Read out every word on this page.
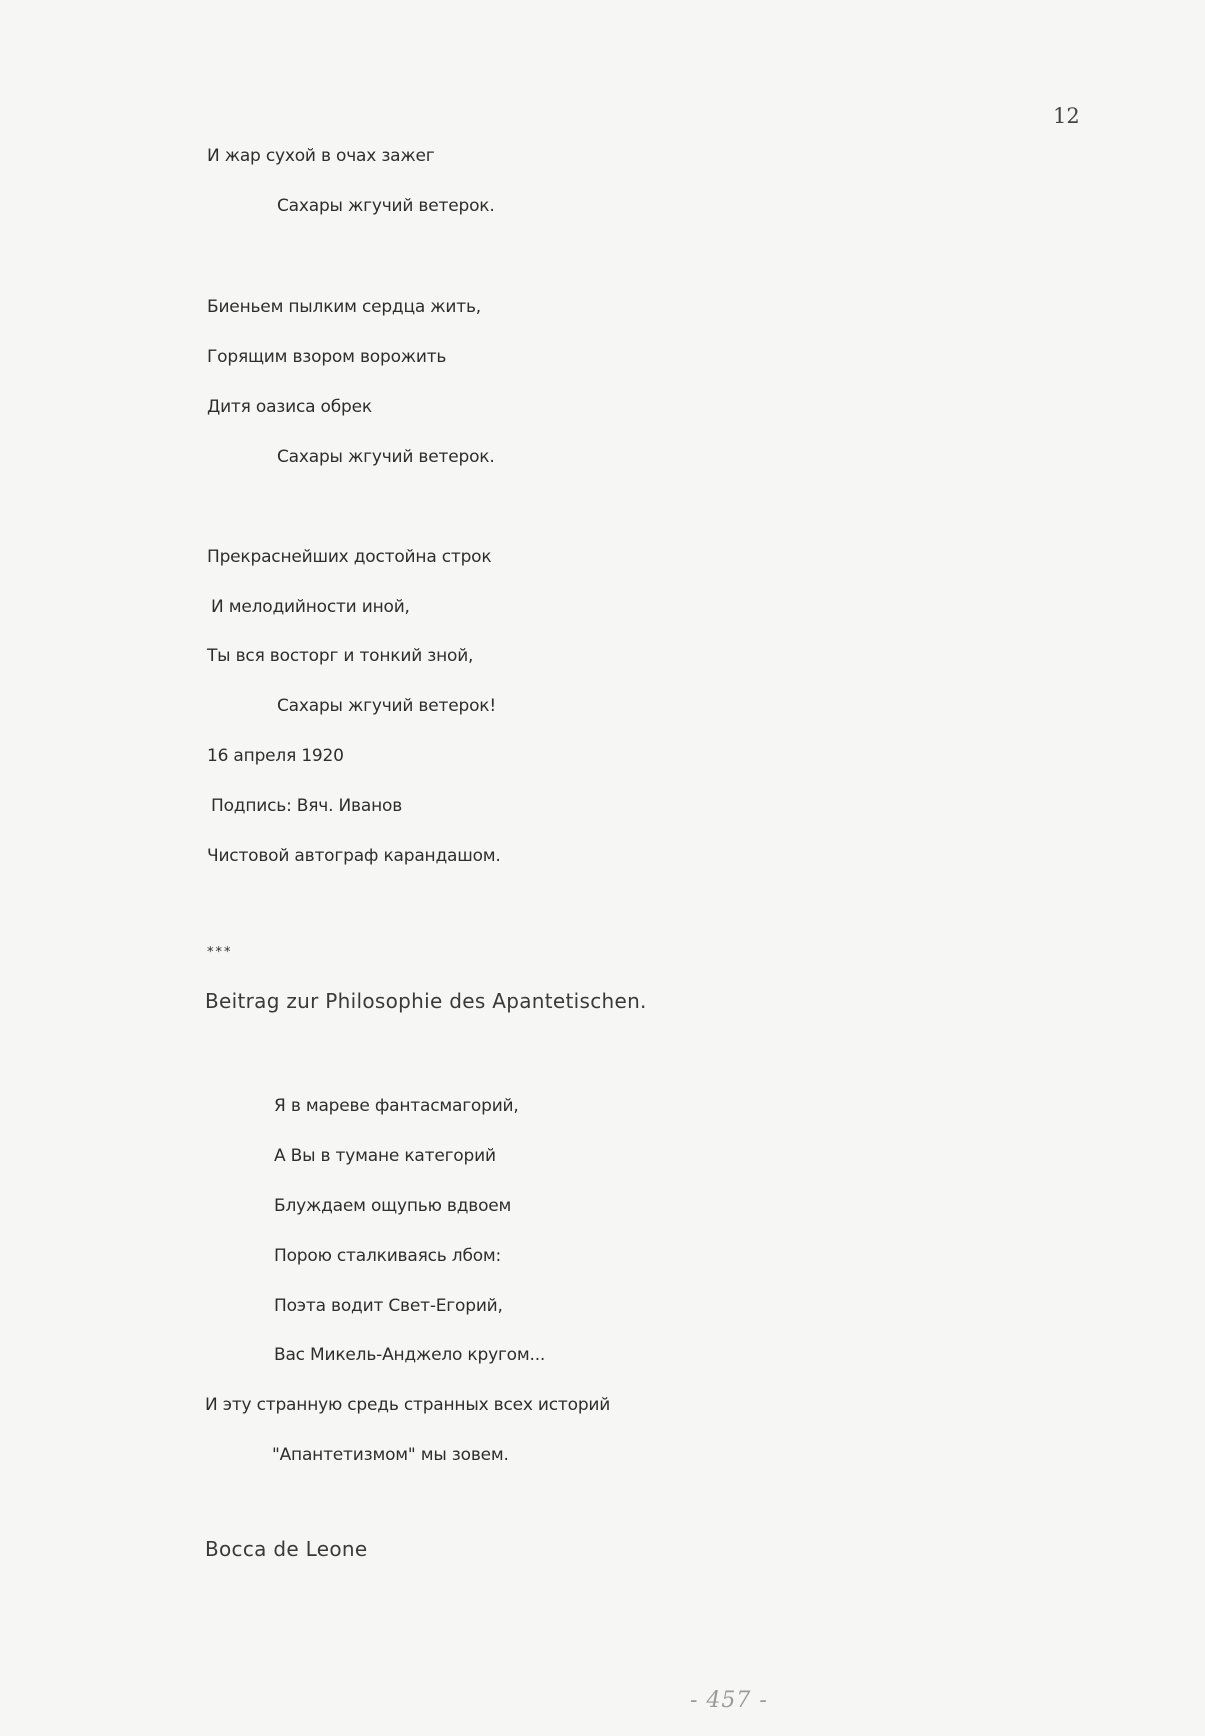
12
И жар сухой в очах зажег
Сахары жгучий ветерок.
Биеньем пылким сердца жить,
Горящим взором ворожить
Дитя оазиса обрек
Сахары жгучий ветерок.
Прекраснейших достойна строк
И мелодийности иной,
Ты вся восторг и тонкий зной,
Сахары жгучий ветерок!
16 апреля 1920
Подпись: Вяч. Иванов
Чистовой автограф карандашом.
***
Beitrag zur Philosophie des Apantetischen.
Я в мареве фантасмагорий,
А Вы в тумане категорий
Блуждаем ощупью вдвоем
Порою сталкиваясь лбом:
Поэта водит Свет-Егорий,
Вас Микель-Анджело кругом...
И эту странную средь странных всех историй
"Апантетизмом" мы зовем.
Bocca de Leone
- 457 -
